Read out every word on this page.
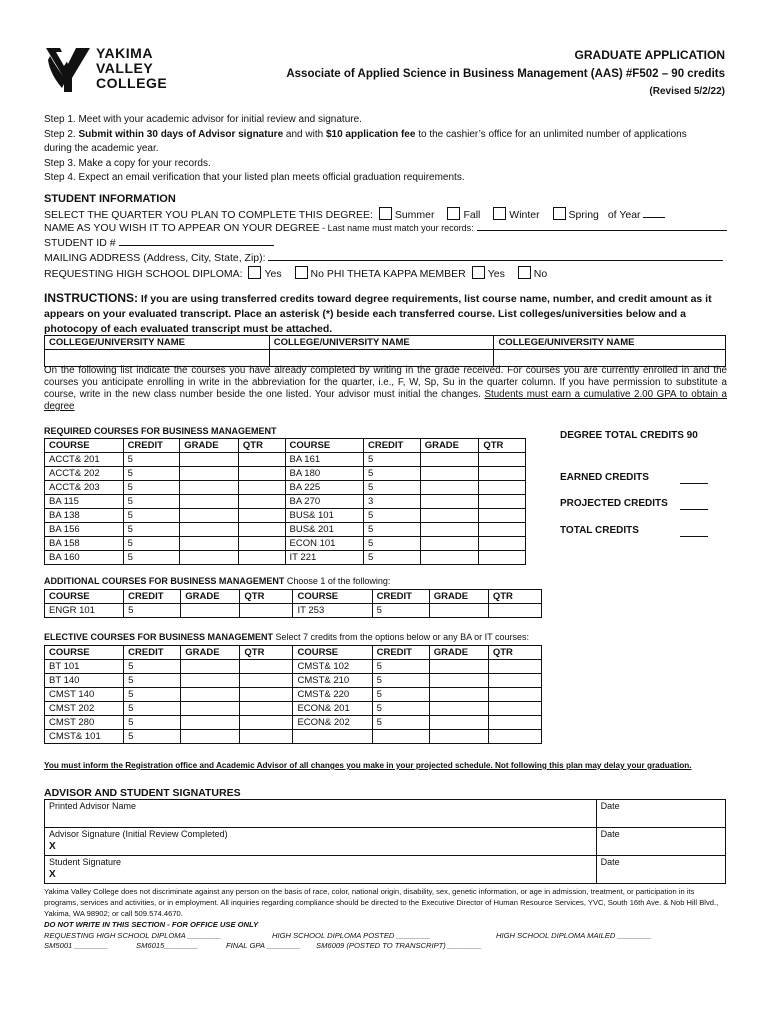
YAKIMA
VALLEY
COLLEGE
GRADUATE APPLICATION
Associate of Applied Science in Business Management (AAS) #F502 – 90 credits
(Revised 5/2/22)
Step 1. Meet with your academic advisor for initial review and signature.
Step 2. Submit within 30 days of Advisor signature and with $10 application fee to the cashier’s office for an unlimited number of applications
during the academic year.
Step 3. Make a copy for your records.
Step 4. Expect an email verification that your listed plan meets official graduation requirements.
STUDENT INFORMATION
SELECT THE QUARTER YOU PLAN TO COMPLETE THIS DEGREE: Summer	Fall	Winter	Spring of Year
NAME AS YOU WISH IT TO APPEAR ON YOUR DEGREE - Last name must match your records:
STUDENT ID #
MAILING ADDRESS (Address, City, State, Zip):
REQUESTING HIGH SCHOOL DIPLOMA: Yes	No PHI THETA KAPPA MEMBER Yes	No
INSTRUCTIONS: If you are using transferred credits toward degree requirements, list course name, number, and credit amount as it appears on your evaluated transcript. Place an asterisk (*) beside each transferred course. List colleges/universities below and a photocopy of each evaluated transcript must be attached.
COLLEGE/UNIVERSITY NAME	COLLEGE/UNIVERSITY NAME	COLLEGE/UNIVERSITY NAME

On the following list indicate the courses you have already completed by writing in the grade received. For courses you are currently enrolled in and the courses you anticipate enrolling in write in the abbreviation for the quarter, i.e., F, W, Sp, Su in the quarter column. If you have permission to substitute a course, write in the new class number beside the one listed. Your advisor must initial the changes. Students must earn a cumulative 2.00 GPA to obtain a degree
REQUIRED COURSES FOR BUSINESS MANAGEMENT
COURSE	CREDIT	GRADE	QTR	COURSE	CREDIT	GRADE	QTR
ACCT& 201	5			BA 161	5		
ACCT& 202	5			BA 180	5		
ACCT& 203	5			BA 225	5		
BA 115	5			BA 270	3		
BA 138	5			BUS& 101	5		
BA 156	5			BUS& 201	5		
BA 158	5			ECON 101	5		
BA 160	5			IT 221	5		
DEGREE TOTAL CREDITS 90
EARNED CREDITS
PROJECTED CREDITS
TOTAL CREDITS
ADDITIONAL COURSES FOR BUSINESS MANAGEMENT Choose 1 of the following:
COURSE	CREDIT	GRADE	QTR	COURSE	CREDIT	GRADE	QTR
ENGR 101	5			IT 253	5		
ELECTIVE COURSES FOR BUSINESS MANAGEMENT Select 7 credits from the options below or any BA or IT courses:
COURSE	CREDIT	GRADE	QTR	COURSE	CREDIT	GRADE	QTR
BT 101	5			CMST& 102	5		
BT 140	5			CMST& 210	5		
CMST 140	5			CMST& 220	5		
CMST 202	5			ECON& 201	5		
CMST 280	5			ECON& 202	5		
CMST& 101	5						
You must inform the Registration office and Academic Advisor of all changes you make in your projected schedule. Not following this plan may delay your graduation.
ADVISOR AND STUDENT SIGNATURES
Printed Advisor Name	Date
Advisor Signature (Initial Review Completed)
X	Date
Student Signature
X	Date
Yakima Valley College does not discriminate against any person on the basis of race, color, national origin, disability, sex, genetic information, or age in admission, treatment, or participation in its programs, services and activities, or in employment. All inquiries regarding compliance should be directed to the Executive Director of Human Resource Services, YVC, South 16th Ave. & Nob Hill Blvd., Yakima, WA 98902; or call 509.574.4670.
DO NOT WRITE IN THIS SECTION - FOR OFFICE USE ONLY
REQUESTING HIGH SCHOOL DIPLOMA ________	HIGH SCHOOL DIPLOMA POSTED ________	HIGH SCHOOL DIPLOMA MAILED ________
SM5001 ________	SM6015________	FINAL GPA ________ SM6009 (POSTED TO TRANSCRIPT) ________
